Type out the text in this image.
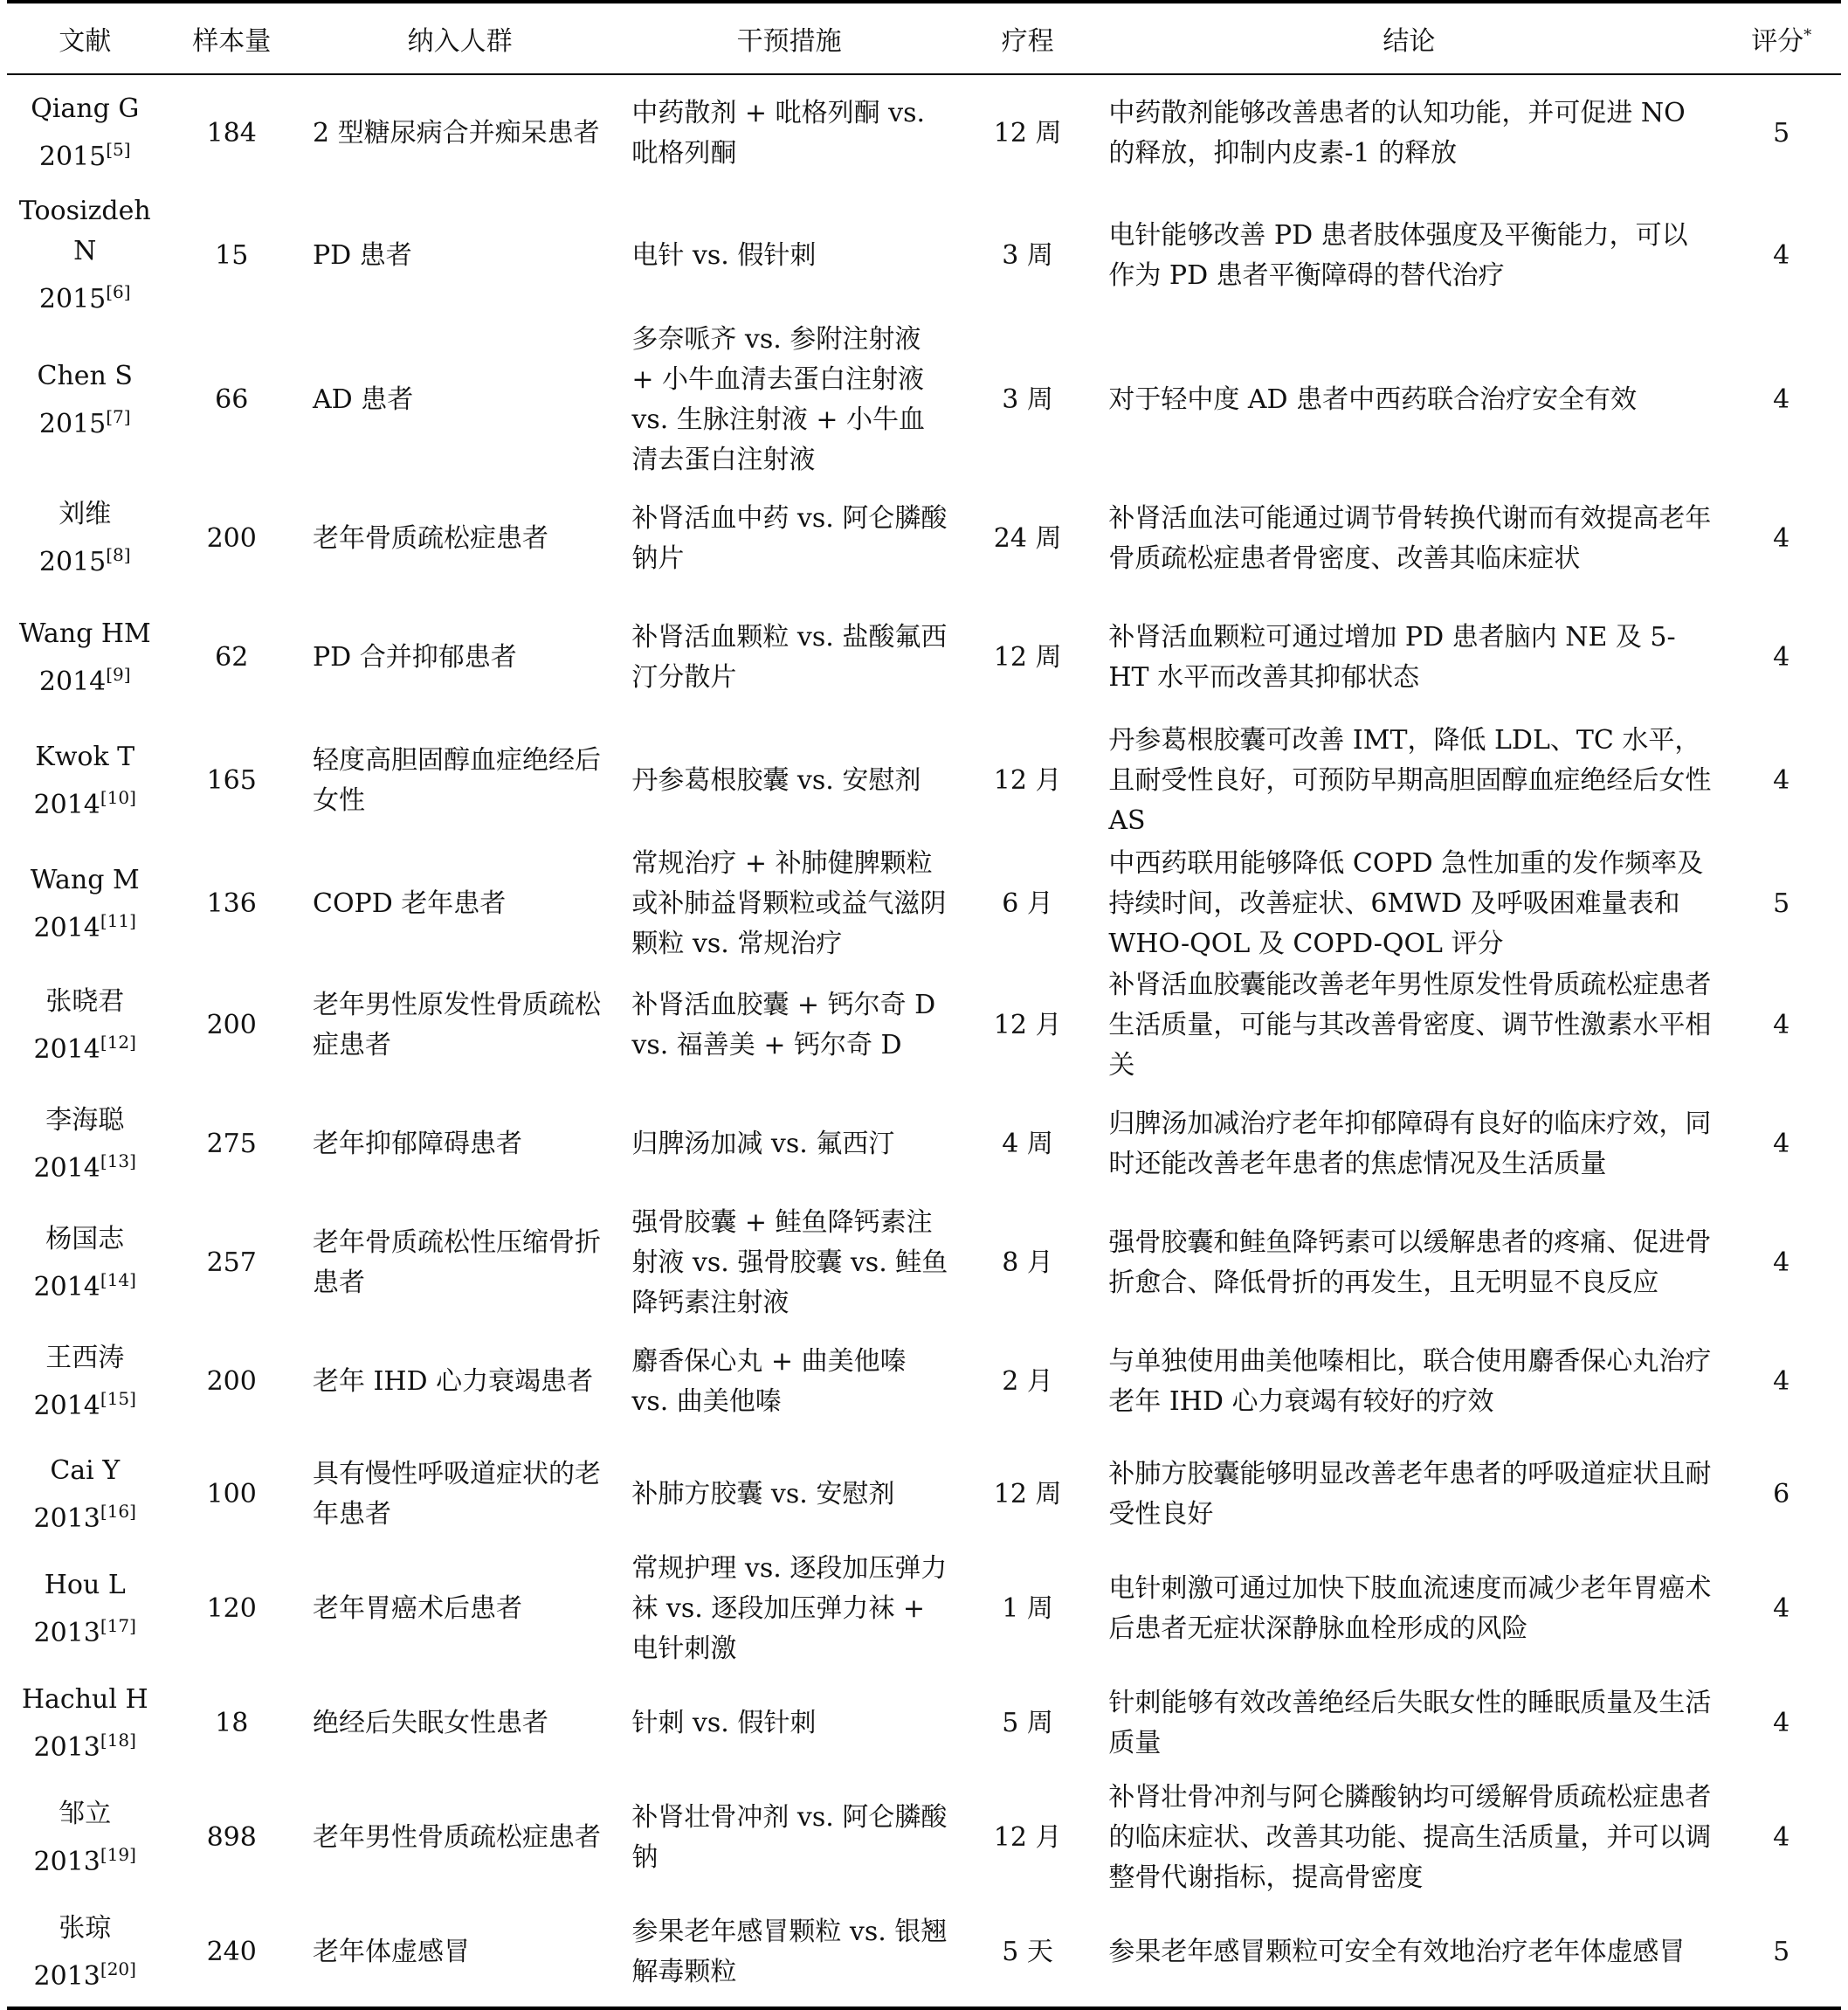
文献	样本量	纳入人群	干预措施	疗程	结论	评分*

Qiang G
2015[5]	184	2 型糖尿病合并痴呆患者	中药散剂 + 吡格列酮 vs. 吡格列酮	12 周	中药散剂能够改善患者的认知功能，并可促进 NO 的释放，抑制内皮素-1 的释放	5

Toosizdeh N
2015[6]	15	PD 患者	电针 vs. 假针刺	3 周	电针能够改善 PD 患者肢体强度及平衡能力，可以作为 PD 患者平衡障碍的替代治疗	4

Chen S
2015[7]	66	AD 患者	多奈哌齐 vs. 参附注射液 + 小牛血清去蛋白注射液 vs. 生脉注射液 + 小牛血清去蛋白注射液	3 周	对于轻中度 AD 患者中西药联合治疗安全有效	4

刘维
2015[8]	200	老年骨质疏松症患者	补肾活血中药 vs. 阿仑膦酸钠片	24 周	补肾活血法可能通过调节骨转换代谢而有效提高老年骨质疏松症患者骨密度、改善其临床症状	4

Wang HM
2014[9]	62	PD 合并抑郁患者	补肾活血颗粒 vs. 盐酸氟西汀分散片	12 周	补肾活血颗粒可通过增加 PD 患者脑内 NE 及 5-HT 水平而改善其抑郁状态	4

Kwok T
2014[10]	165	轻度高胆固醇血症绝经后女性	丹参葛根胶囊 vs. 安慰剂	12 月	丹参葛根胶囊可改善 IMT，降低 LDL、TC 水平，且耐受性良好，可预防早期高胆固醇血症绝经后女性 AS	4

Wang M
2014[11]	136	COPD 老年患者	常规治疗 + 补肺健脾颗粒或补肺益肾颗粒或益气滋阴颗粒 vs. 常规治疗	6 月	中西药联用能够降低 COPD 急性加重的发作频率及持续时间，改善症状、6MWD 及呼吸困难量表和 WHO-QOL 及 COPD-QOL 评分	5

张晓君
2014[12]	200	老年男性原发性骨质疏松症患者	补肾活血胶囊 + 钙尔奇 D vs. 福善美 + 钙尔奇 D	12 月	补肾活血胶囊能改善老年男性原发性骨质疏松症患者生活质量，可能与其改善骨密度、调节性激素水平相关	4

李海聪
2014[13]	275	老年抑郁障碍患者	归脾汤加减 vs. 氟西汀	4 周	归脾汤加减治疗老年抑郁障碍有良好的临床疗效，同时还能改善老年患者的焦虑情况及生活质量	4

杨国志
2014[14]	257	老年骨质疏松性压缩骨折患者	强骨胶囊 + 鲑鱼降钙素注射液 vs. 强骨胶囊 vs. 鲑鱼降钙素注射液	8 月	强骨胶囊和鲑鱼降钙素可以缓解患者的疼痛、促进骨折愈合、降低骨折的再发生，且无明显不良反应	4

王西涛
2014[15]	200	老年 IHD 心力衰竭患者	麝香保心丸 + 曲美他嗪 vs. 曲美他嗪	2 月	与单独使用曲美他嗪相比，联合使用麝香保心丸治疗老年 IHD 心力衰竭有较好的疗效	4

Cai Y
2013[16]	100	具有慢性呼吸道症状的老年患者	补肺方胶囊 vs. 安慰剂	12 周	补肺方胶囊能够明显改善老年患者的呼吸道症状且耐受性良好	6

Hou L
2013[17]	120	老年胃癌术后患者	常规护理 vs. 逐段加压弹力袜 vs. 逐段加压弹力袜 + 电针刺激	1 周	电针刺激可通过加快下肢血流速度而减少老年胃癌术后患者无症状深静脉血栓形成的风险	4

Hachul H
2013[18]	18	绝经后失眠女性患者	针刺 vs. 假针刺	5 周	针刺能够有效改善绝经后失眠女性的睡眠质量及生活质量	4

邹立
2013[19]	898	老年男性骨质疏松症患者	补肾壮骨冲剂 vs. 阿仑膦酸钠	12 月	补肾壮骨冲剂与阿仑膦酸钠均可缓解骨质疏松症患者的临床症状、改善其功能、提高生活质量，并可以调整骨代谢指标，提高骨密度	4

张琼
2013[20]	240	老年体虚感冒	参果老年感冒颗粒 vs. 银翘解毒颗粒	5 天	参果老年感冒颗粒可安全有效地治疗老年体虚感冒	5
